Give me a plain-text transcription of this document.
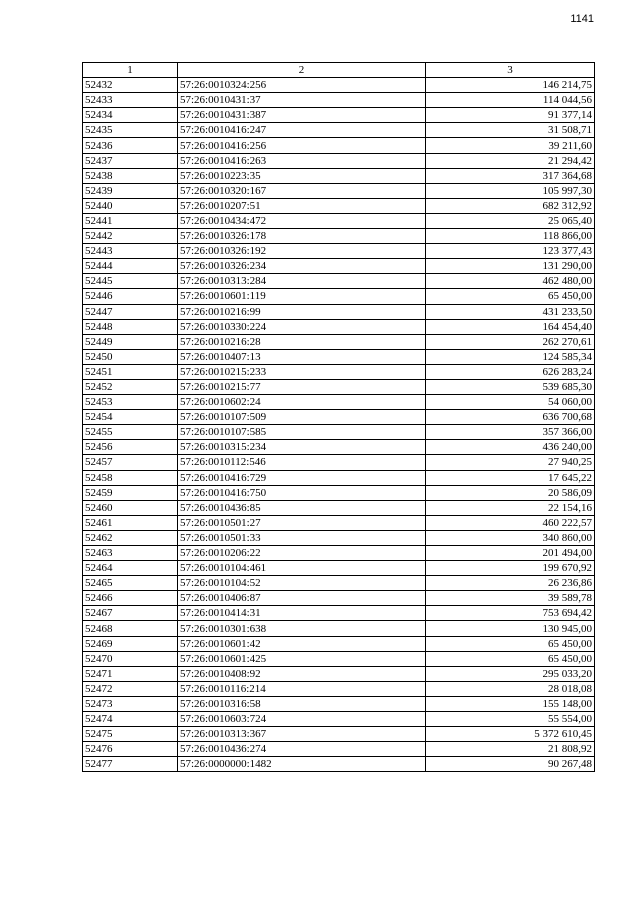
1141
1	2	3
52432	57:26:0010324:256	146 214,75
52433	57:26:0010431:37	114 044,56
52434	57:26:0010431:387	91 377,14
52435	57:26:0010416:247	31 508,71
52436	57:26:0010416:256	39 211,60
52437	57:26:0010416:263	21 294,42
52438	57:26:0010223:35	317 364,68
52439	57:26:0010320:167	105 997,30
52440	57:26:0010207:51	682 312,92
52441	57:26:0010434:472	25 065,40
52442	57:26:0010326:178	118 866,00
52443	57:26:0010326:192	123 377,43
52444	57:26:0010326:234	131 290,00
52445	57:26:0010313:284	462 480,00
52446	57:26:0010601:119	65 450,00
52447	57:26:0010216:99	431 233,50
52448	57:26:0010330:224	164 454,40
52449	57:26:0010216:28	262 270,61
52450	57:26:0010407:13	124 585,34
52451	57:26:0010215:233	626 283,24
52452	57:26:0010215:77	539 685,30
52453	57:26:0010602:24	54 060,00
52454	57:26:0010107:509	636 700,68
52455	57:26:0010107:585	357 366,00
52456	57:26:0010315:234	436 240,00
52457	57:26:0010112:546	27 940,25
52458	57:26:0010416:729	17 645,22
52459	57:26:0010416:750	20 586,09
52460	57:26:0010436:85	22 154,16
52461	57:26:0010501:27	460 222,57
52462	57:26:0010501:33	340 860,00
52463	57:26:0010206:22	201 494,00
52464	57:26:0010104:461	199 670,92
52465	57:26:0010104:52	26 236,86
52466	57:26:0010406:87	39 589,78
52467	57:26:0010414:31	753 694,42
52468	57:26:0010301:638	130 945,00
52469	57:26:0010601:42	65 450,00
52470	57:26:0010601:425	65 450,00
52471	57:26:0010408:92	295 033,20
52472	57:26:0010116:214	28 018,08
52473	57:26:0010316:58	155 148,00
52474	57:26:0010603:724	55 554,00
52475	57:26:0010313:367	5 372 610,45
52476	57:26:0010436:274	21 808,92
52477	57:26:0000000:1482	90 267,48
